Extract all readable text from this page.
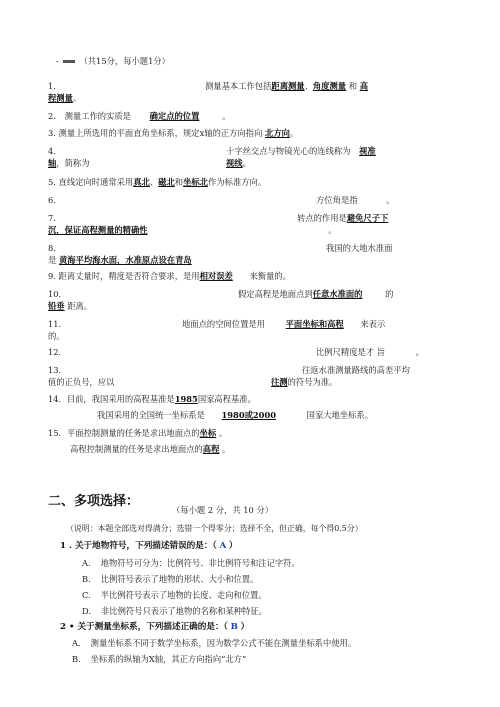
- （共15分，每小题1分）
1.	测量基本工作包括距离测量、角度测量 和 高
程测量。
2. 测量工作的实质是 确定点的位置	。
3. 测量上所选用的平面直角坐标系，规定x轴的正方向指向 北方向。
4.	十字丝交点与物镜光心的连线称为 视准
轴，简称为	视线。
5. 直线定向时通常采用真北、磁北和坐标北作为标准方向。
6.	方位角是指	。
7.	转点的作用是避免尺子下
沉，保证高程测量的精确性	。
8.	我国的大地水准面
是 黄海平均海水面，水准原点设在青岛
9. 距离丈量时，精度是否符合要求，是用相对误差 来衡量的。
10.	假定高程是地面点到任意水准面的	的
铅垂 距离。
11.	地面点的空间位置是用 平面坐标和高程 来表示
的。
12.	比例尺精度是才 旨	。
13.	往返水准测量路线的高差平均
值的正负号，应以	往测的符号为准。
14. 目前，我国采用的高程基准是1985国家高程基准。
我国采用的全国统一坐标系是 1980或2000	国家大地坐标系。
15. 平面控制测量的任务是求出地面点的坐标 。
高程控制测量的任务是求出地面点的高程 。
二、多项选择：
（每小题 2 分，共 10 分）
（说明：本题全部选对得满分；选错一个得零分；选择不全，但正确，每个得0.5分）
1 . 关于地物符号，下列描述错误的是：（ A ）
A. 地物符号可分为：比例符号、非比例符号和注记字符。
B. 比例符号表示了地物的形状、大小和位置。
C. 半比例符号表示了地物的长度、走向和位置。
D. 非比例符号只表示了地物的名称和某种特征。
2 • 关于测量坐标系，下列描述正确的是：（ B ）
A. 测量坐标系不同于数学坐标系，因为数学公式不能在测量坐标系中使用。
B. 坐标系的纵轴为X轴，其正方向指向“北方”
